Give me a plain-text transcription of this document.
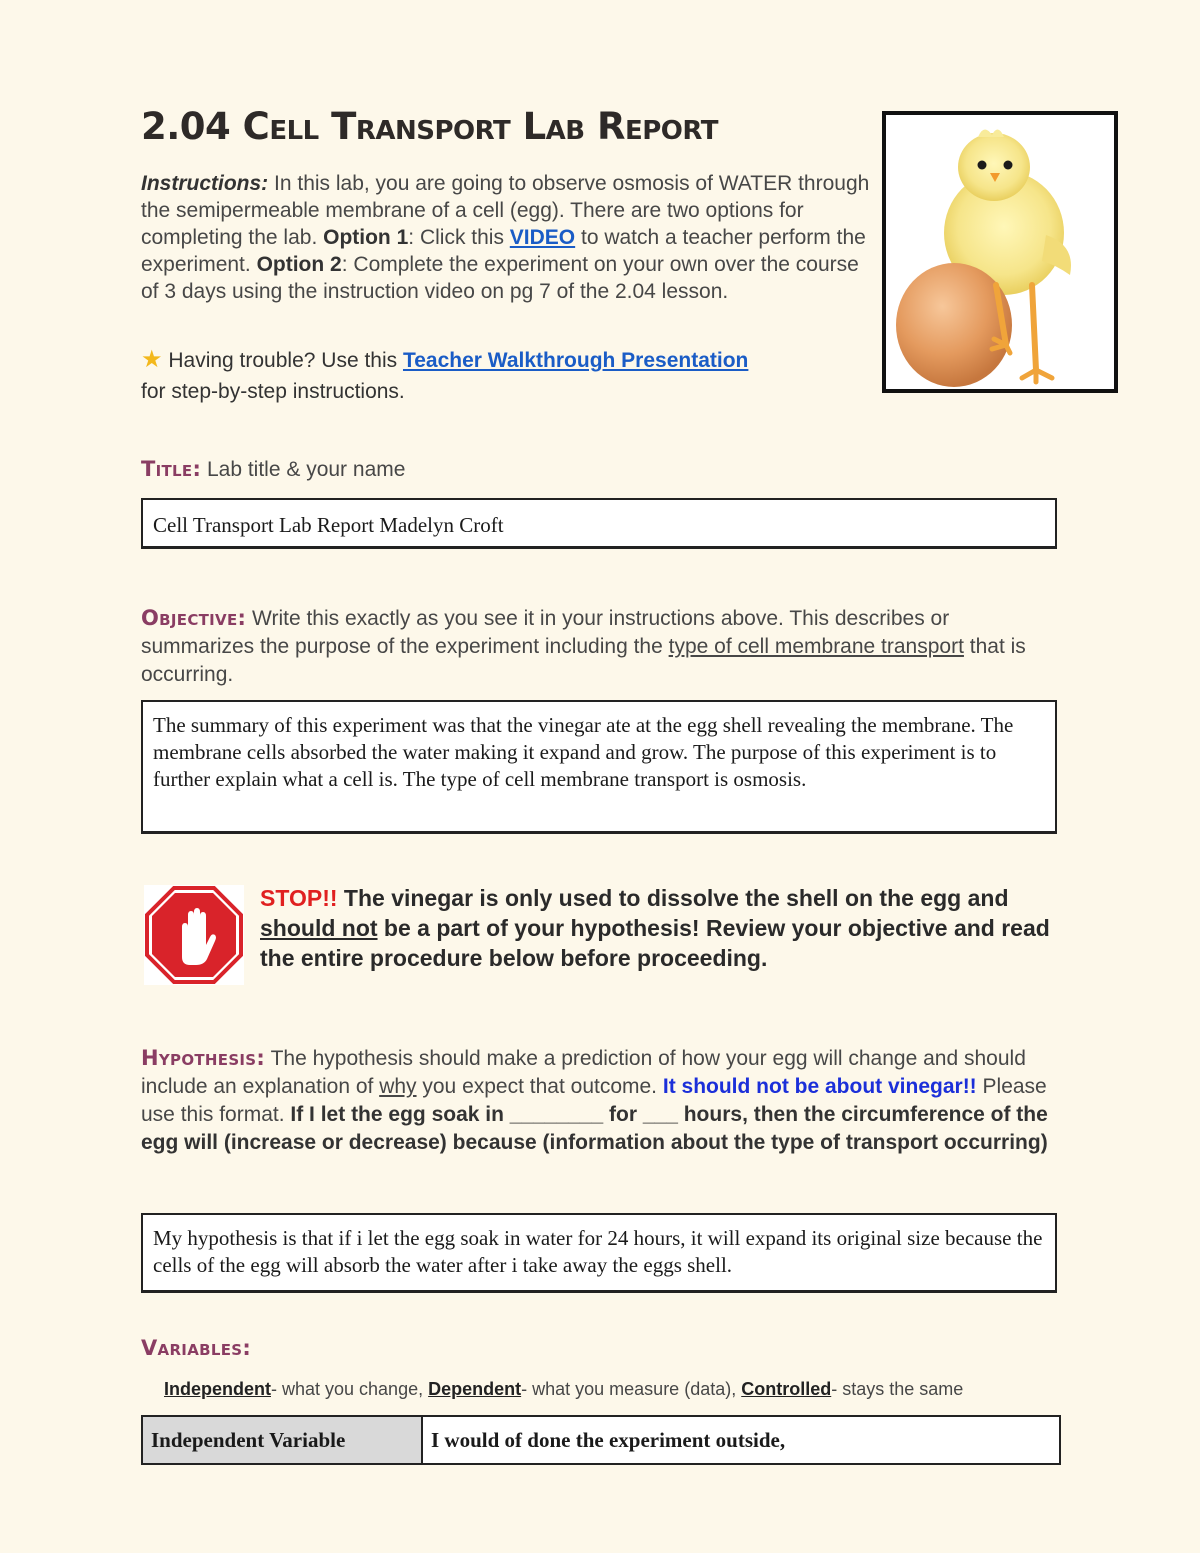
2.04 Cell Transport Lab Report
Instructions: In this lab, you are going to observe osmosis of WATER through the semipermeable membrane of a cell (egg). There are two options for completing the lab. Option 1: Click this VIDEO to watch a teacher perform the experiment. Option 2: Complete the experiment on your own over the course of 3 days using the instruction video on pg 7 of the 2.04 lesson.
★ Having trouble? Use this Teacher Walkthrough Presentation
for step-by-step instructions.
Title: Lab title & your name
Cell Transport Lab Report Madelyn Croft
Objective: Write this exactly as you see it in your instructions above. This describes or summarizes the purpose of the experiment including the type of cell membrane transport that is occurring.
The summary of this experiment was that the vinegar ate at the egg shell revealing the membrane. The membrane cells absorbed the water making it expand and grow. The purpose of this experiment is to further explain what a cell is. The type of cell membrane transport is osmosis.
STOP!! The vinegar is only used to dissolve the shell on the egg and should not be a part of your hypothesis! Review your objective and read the entire procedure below before proceeding.
Hypothesis: The hypothesis should make a prediction of how your egg will change and should include an explanation of why you expect that outcome. It should not be about vinegar!! Please use this format. If I let the egg soak in ________ for ___ hours, then the circumference of the egg will (increase or decrease) because (information about the type of transport occurring)
My hypothesis is that if i let the egg soak in water for 24 hours, it will expand its original size because the cells of the egg will absorb the water after i take away the eggs shell.
Variables:
Independent- what you change, Dependent- what you measure (data), Controlled- stays the same
Independent Variable	I would of done the experiment outside,
